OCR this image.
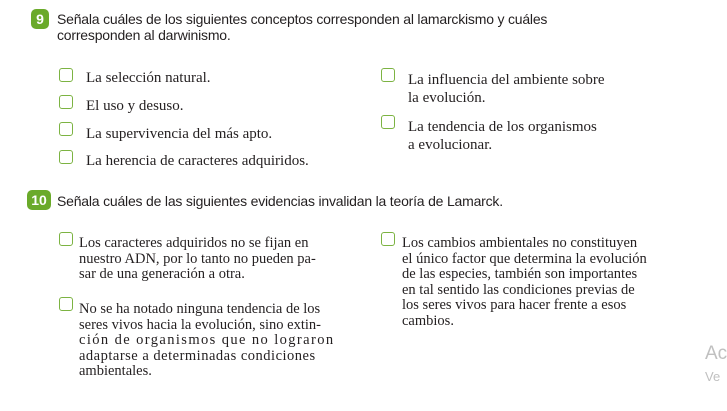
9 Señala cuáles de los siguientes conceptos corresponden al lamarckismo y cuáles
corresponden al darwinismo.
La selección natural.
El uso y desuso.
La supervivencia del más apto.
La herencia de caracteres adquiridos.
La influencia del ambiente sobre
la evolución.
La tendencia de los organismos
a evolucionar.
10 Señala cuáles de las siguientes evidencias invalidan la teoría de Lamarck.
Los caracteres adquiridos no se fijan en
nuestro ADN, por lo tanto no pueden pa-
sar de una generación a otra.
No se ha notado ninguna tendencia de los
seres vivos hacia la evolución, sino extin-
ción de organismos que no lograron
adaptarse a determinadas condiciones
ambientales.
Los cambios ambientales no constituyen
el único factor que determina la evolución
de las especies, también son importantes
en tal sentido las condiciones previas de
los seres vivos para hacer frente a esos
cambios.
Ac
Ve
